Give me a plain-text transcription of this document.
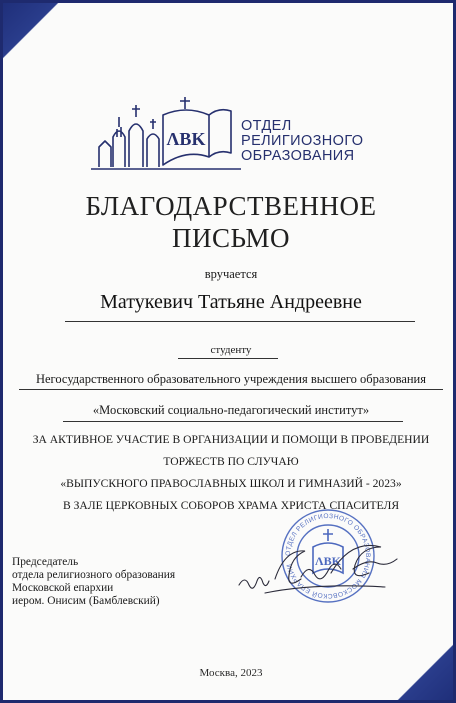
ΛΒΚ
ОТДЕЛ
РЕЛИГИОЗНОГО
ОБРАЗОВАНИЯ
БЛАГОДАРСТВЕННОЕ
ПИСЬМО
вручается
Матукевич Татьяне Андреевне
студенту
Негосударственного образовательного учреждения высшего образования
«Московский социально-педагогический институт»
ЗА АКТИВНОЕ УЧАСТИЕ В ОРГАНИЗАЦИИ И ПОМОЩИ В ПРОВЕДЕНИИ
ТОРЖЕСТВ ПО СЛУЧАЮ
«ВЫПУСКНОГО ПРАВОСЛАВНЫХ ШКОЛ И ГИМНАЗИЙ - 2023»
В ЗАЛЕ ЦЕРКОВНЫХ СОБОРОВ ХРАМА ХРИСТА СПАСИТЕЛЯ
Председатель
отдела религиозного образования
Московской епархии
иером. Онисим (Бамблевский)
ОТДЕЛ РЕЛИГИОЗНОГО ОБРАЗОВАНИЯ МОСКОВСКОЙ ЕПАРХИИ	ΛΒΚ
Москва, 2023
